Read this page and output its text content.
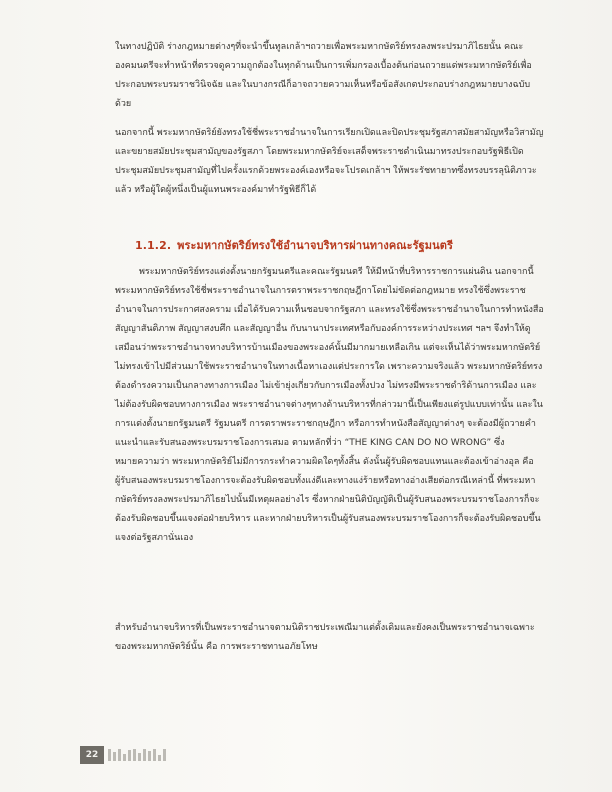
ในทางปฏิบัติ ร่างกฎหมายต่างๆที่จะนำขึ้นทูลเกล้าฯถวายเพื่อพระมหากษัตริย์ทรงลงพระปรมาภิไธยนั้น คณะองคมนตรีจะทำหน้าที่ตรวจดูความถูกต้องในทุกด้านเป็นการเพิ่มกรองเบื้องต้นก่อนถวายแด่พระมหากษัตริย์เพื่อประกอบพระบรมราชวินิจฉัย และในบางกรณีก็อาจถวายความเห็นหรือข้อสังเกตประกอบร่างกฎหมายบางฉบับด้วย

นอกจากนี้ พระมหากษัตริย์ยังทรงใช้ชี่พระราชอำนาจในการเรียกเปิดและปิดประชุมรัฐสภาสมัยสามัญหรือวิสามัญ และขยายสมัยประชุมสามัญของรัฐสภา โดยพระมหากษัตริย์จะเสด็จพระราชดำเนินมาทรงประกอบรัฐพิธีเปิดประชุมสมัยประชุมสามัญที่ไปครั้งแรกด้วยพระองค์เองหรือจะโปรดเกล้าฯ ให้พระรัชทายาทซึ่งทรงบรรลุนิติภาวะแล้ว หรือผู้ใดผู้หนึ่งเป็นผู้แทนพระองค์มาทำรัฐพิธีก็ได้

1.1.2. พระมหากษัตริย์ทรงใช้อำนาจบริหารผ่านทางคณะรัฐมนตรี

พระมหากษัตริย์ทรงแต่งตั้งนายกรัฐมนตรีและคณะรัฐมนตรี ให้มีหน้าที่บริหารราชการแผ่นดิน นอกจากนี้ พระมหากษัตริย์ทรงใช้ชี่พระราชอำนาจในการตราพระราชกฤษฎีกาโดยไม่ขัดต่อกฎหมาย ทรงใช้ซึ่งพระราชอำนาจในการประกาศสงคราม เมื่อได้รับความเห็นชอบจากรัฐสภา และทรงใช้ซึ่งพระราชอำนาจในการทำหนังสือสัญญาสันติภาพ สัญญาสงบศึก และสัญญาอื่น กับนานาประเทศหรือกับองค์การระหว่างประเทศ ฯลฯ จึงทำให้ดูเสมือนว่าพระราชอำนาจทางบริหารบ้านเมืองของพระองค์นั้นมีมากมายเหลือเกิน แต่จะเห็นได้ว่าพระมหากษัตริย์ไม่ทรงเข้าไปมีส่วนมาใช้พระราชอำนาจในทางเนื้อหาเองแต่ประการใด เพราะความจริงแล้ว พระมหากษัตริย์ทรงต้องดำรงความเป็นกลางทางการเมือง ไม่เข้ายุ่งเกี่ยวกับการเมืองทั้งปวง ไม่ทรงมีพระราชดำริด้านการเมือง และไม่ต้องรับผิดชอบทางการเมือง พระราชอำนาจต่างๆทางด้านบริหารที่กล่าวมานี้เป็นเพียงแต่รูปแบบเท่านั้น และในการแต่งตั้งนายกรัฐมนตรี รัฐมนตรี การตราพระราชกฤษฎีกา หรือการทำหนังสือสัญญาต่างๆ จะต้องมีผู้ถวายคำแนะนำและรับสนองพระบรมราชโองการเสมอ ตามหลักที่ว่า “THE KING CAN DO NO WRONG” ซึ่งหมายความว่า พระมหากษัตริย์ไม่มีการกระทำความผิดใดๆทั้งสิ้น ดังนั้นผู้รับผิดชอบแทนและต้องเข้าอ่างอุล คือผู้รับสนองพระบรมราชโองการจะต้องรับผิดชอบทั้งแง่ดีและทางแง่ร้ายหรือทางอ่างเสียต่อกรณีเหล่านี้ ที่พระมหากษัตริย์ทรงลงพระปรมาภิไธยไปนั้นมีเหตุผลอย่างไร ซึ่งหากฝ่ายนิติบัญญัติเป็นผู้รับสนองพระบรมราชโองการก็จะต้องรับผิดชอบขึ้นแจงต่อฝ่ายบริหาร และหากฝ่ายบริหารเป็นผู้รับสนองพระบรมราชโองการก็จะต้องรับผิดชอบขึ้นแจงต่อรัฐสภานั่นเอง

สำหรับอำนาจบริหารที่เป็นพระราชอำนาจตามนิติราชประเพณีมาแต่ดั้งเดิมและยังคงเป็นพระราชอำนาจเฉพาะของพระมหากษัตริย์นั้น คือ การพระราชทานอภัยโทษ

22
